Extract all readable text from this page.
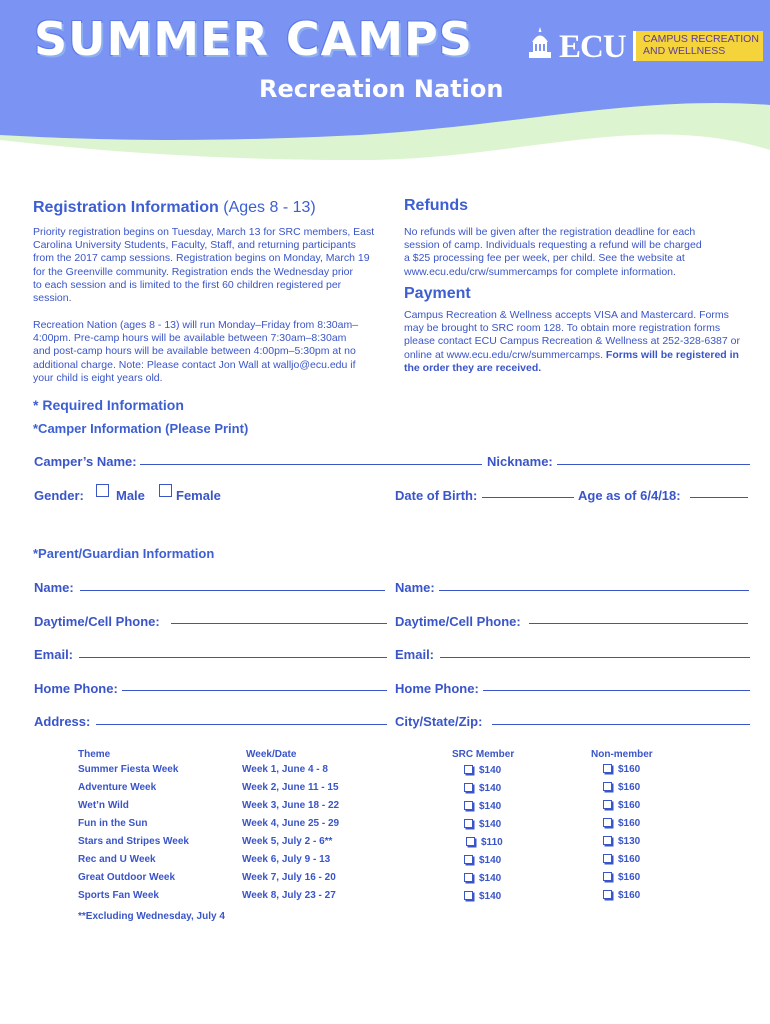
SUMMER CAMPS
Recreation Nation
ECU CAMPUS RECREATION
AND WELLNESS
Registration Information (Ages 8 - 13)
Priority registration begins on Tuesday, March 13 for SRC members, East
Carolina University Students, Faculty, Staff, and returning participants
from the 2017 camp sessions. Registration begins on Monday, March 19
for the Greenville community. Registration ends the Wednesday prior
to each session and is limited to the first 60 children registered per
session.
Recreation Nation (ages 8 - 13) will run Monday–Friday from 8:30am–
4:00pm. Pre-camp hours will be available between 7:30am–8:30am
and post-camp hours will be available between 4:00pm–5:30pm at no
additional charge. Note: Please contact Jon Wall at walljo@ecu.edu if
your child is eight years old.
Refunds
No refunds will be given after the registration deadline for each
session of camp. Individuals requesting a refund will be charged
a $25 processing fee per week, per child. See the website at
www.ecu.edu/crw/summercamps for complete information.
Payment
Campus Recreation & Wellness accepts VISA and Mastercard. Forms
may be brought to SRC room 128. To obtain more registration forms
please contact ECU Campus Recreation & Wellness at 252-328-6387 or
online at www.ecu.edu/crw/summercamps. Forms will be registered in
the order they are received.
* Required Information
*Camper Information (Please Print)
Camper’s Name:	Nickname:
Gender: Male Female	Date of Birth:	Age as of 6/4/18:
*Parent/Guardian Information
Name:	Name:
Daytime/Cell Phone:	Daytime/Cell Phone:
Email:	Email:
Home Phone:	Home Phone:
Address:	City/State/Zip:
Theme	Week/Date	SRC Member	Non-member
Summer Fiesta Week	Week 1, June 4 - 8	$140	$160
Adventure Week	Week 2, June 11 - 15	$140	$160
Wet’n Wild	Week 3, June 18 - 22	$140	$160
Fun in the Sun	Week 4, June 25 - 29	$140	$160
Stars and Stripes Week	Week 5, July 2 - 6**	$110	$130
Rec and U Week	Week 6, July 9 - 13	$140	$160
Great Outdoor Week	Week 7, July 16 - 20	$140	$160
Sports Fan Week	Week 8, July 23 - 27	$140	$160
**Excluding Wednesday, July 4
